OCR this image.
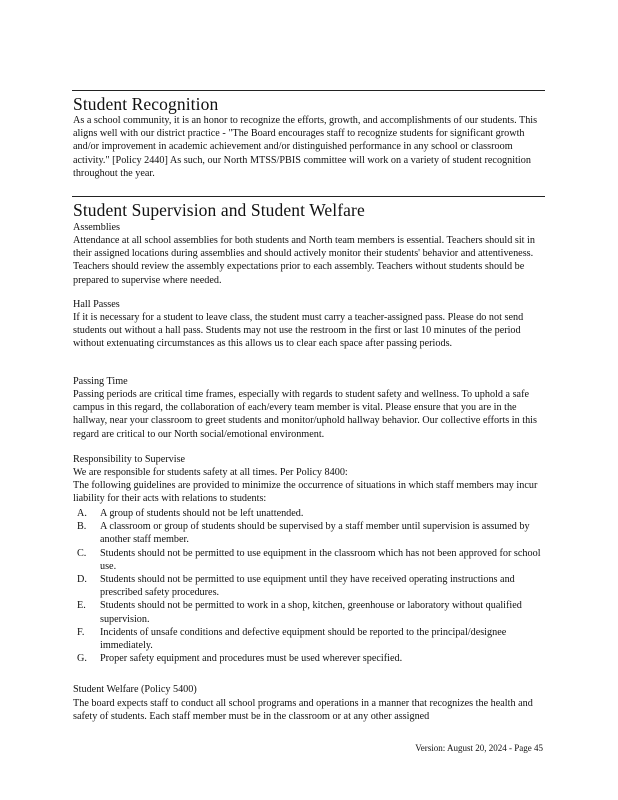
Student Recognition

As a school community, it is an honor to recognize the efforts, growth, and accomplishments of our students. This aligns well with our district practice - "The Board encourages staff to recognize students for significant growth and/or improvement in academic achievement and/or distinguished performance in any school or classroom activity." [Policy 2440] As such, our North MTSS/PBIS committee will work on a variety of student recognition throughout the year.

Student Supervision and Student Welfare
Assemblies

Attendance at all school assemblies for both students and North team members is essential. Teachers should sit in their assigned locations during assemblies and should actively monitor their students' behavior and attentiveness. Teachers should review the assembly expectations prior to each assembly. Teachers without students should be prepared to supervise where needed.

Hall Passes

If it is necessary for a student to leave class, the student must carry a teacher-assigned pass. Please do not send students out without a hall pass. Students may not use the restroom in the first or last 10 minutes of the period without extenuating circumstances as this allows us to clear each space after passing periods.

Passing Time

Passing periods are critical time frames, especially with regards to student safety and wellness. To uphold a safe campus in this regard, the collaboration of each/every team member is vital. Please ensure that you are in the hallway, near your classroom to greet students and monitor/uphold hallway behavior. Our collective efforts in this regard are critical to our North social/emotional environment.

Responsibility to Supervise

We are responsible for students safety at all times. Per Policy 8400:

The following guidelines are provided to minimize the occurrence of situations in which staff members may incur liability for their acts with relations to students:

A. A group of students should not be left unattended.
B. A classroom or group of students should be supervised by a staff member until supervision is assumed by another staff member.
C. Students should not be permitted to use equipment in the classroom which has not been approved for school use.
D. Students should not be permitted to use equipment until they have received operating instructions and prescribed safety procedures.
E. Students should not be permitted to work in a shop, kitchen, greenhouse or laboratory without qualified supervision.
F. Incidents of unsafe conditions and defective equipment should be reported to the principal/designee immediately.
G. Proper safety equipment and procedures must be used wherever specified.
Student Welfare (Policy 5400)

The board expects staff to conduct all school programs and operations in a manner that recognizes the health and safety of students. Each staff member must be in the classroom or at any other assigned

Version: August 20, 2024 - Page 45
